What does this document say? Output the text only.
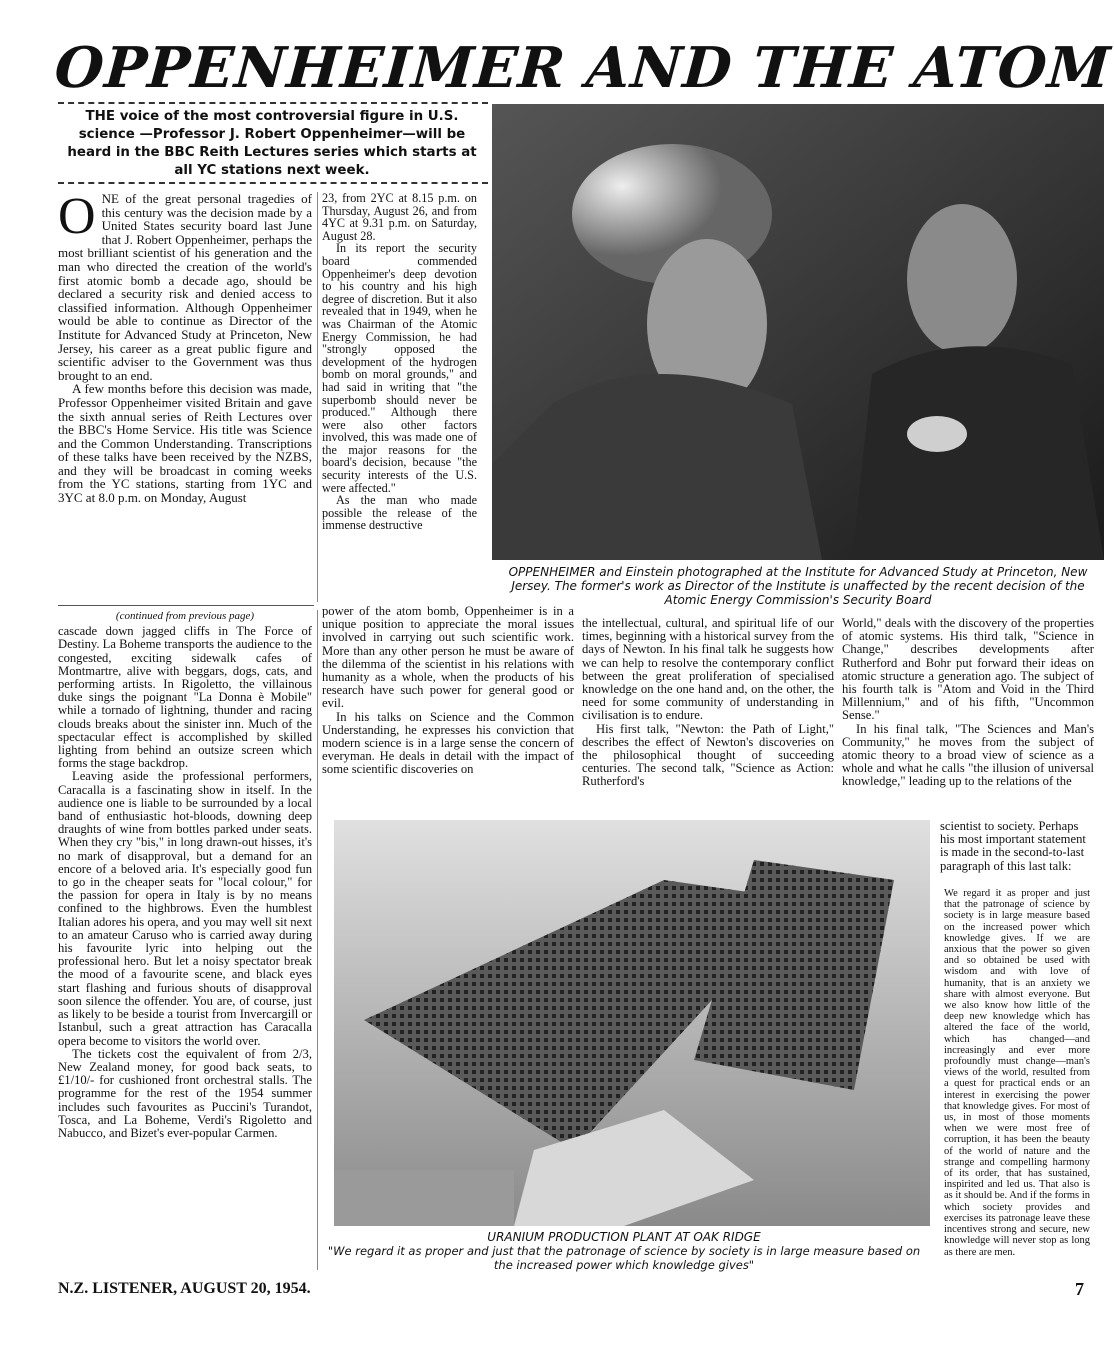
OPPENHEIMER AND THE ATOM
THE voice of the most controversial figure in U.S. science —Professor J. Robert Oppenheimer—will be heard in the BBC Reith Lectures series which starts at all YC stations next week.
O NE of the great personal tragedies of this century was the decision made by a United States security board last June that J. Robert Oppenheimer, perhaps the most brilliant scientist of his generation and the man who directed the creation of the world's first atomic bomb a decade ago, should be declared a security risk and denied access to classified information. Although Oppenheimer would be able to continue as Director of the Institute for Advanced Study at Princeton, New Jersey, his career as a great public figure and scientific adviser to the Government was thus brought to an end.

A few months before this decision was made, Professor Oppenheimer visited Britain and gave the sixth annual series of Reith Lectures over the BBC's Home Service. His title was Science and the Common Understanding. Transcriptions of these talks have been received by the NZBS, and they will be broadcast in coming weeks from the YC stations, starting from 1YC and 3YC at 8.0 p.m. on Monday, August

23, from 2YC at 8.15 p.m. on Thursday, August 26, and from 4YC at 9.31 p.m. on Saturday, August 28.

In its report the security board commended Oppenheimer's deep devotion to his country and his high degree of discretion. But it also revealed that in 1949, when he was Chairman of the Atomic Energy Commission, he had "strongly opposed the development of the hydrogen bomb on moral grounds," and had said in writing that "the superbomb should never be produced." Although there were also other factors involved, this was made one of the major reasons for the board's decision, because "the security interests of the U.S. were affected."

As the man who made possible the release of the immense destructive

OPPENHEIMER and Einstein photographed at the Institute for Advanced Study at Princeton, New Jersey. The former's work as Director of the Institute is unaffected by the recent decision of the Atomic Energy Commission's Security Board
(continued from previous page)

cascade down jagged cliffs in The Force of Destiny. La Boheme transports the audience to the congested, exciting sidewalk cafes of Montmartre, alive with beggars, dogs, cats, and performing artists. In Rigoletto, the villainous duke sings the poignant "La Donna è Mobile" while a tornado of lightning, thunder and racing clouds breaks about the sinister inn. Much of the spectacular effect is accomplished by skilled lighting from behind an outsize screen which forms the stage backdrop.

Leaving aside the professional performers, Caracalla is a fascinating show in itself. In the audience one is liable to be surrounded by a local band of enthusiastic hot-bloods, downing deep draughts of wine from bottles parked under seats. When they cry "bis," in long drawn-out hisses, it's no mark of disapproval, but a demand for an encore of a beloved aria. It's especially good fun to go in the cheaper seats for "local colour," for the passion for opera in Italy is by no means confined to the highbrows. Even the humblest Italian adores his opera, and you may well sit next to an amateur Caruso who is carried away during his favourite lyric into helping out the professional hero. But let a noisy spectator break the mood of a favourite scene, and black eyes start flashing and furious shouts of disapproval soon silence the offender. You are, of course, just as likely to be beside a tourist from Invercargill or Istanbul, such a great attraction has Caracalla opera become to visitors the world over.

The tickets cost the equivalent of from 2/3, New Zealand money, for good back seats, to £1/10/- for cushioned front orchestral stalls. The programme for the rest of the 1954 summer includes such favourites as Puccini's Turandot, Tosca, and La Boheme, Verdi's Rigoletto and Nabucco, and Bizet's ever-popular Carmen.

power of the atom bomb, Oppenheimer is in a unique position to appreciate the moral issues involved in carrying out such scientific work. More than any other person he must be aware of the dilemma of the scientist in his relations with humanity as a whole, when the products of his research have such power for general good or evil.

In his talks on Science and the Common Understanding, he expresses his conviction that modern science is in a large sense the concern of everyman. He deals in detail with the impact of some scientific discoveries on

the intellectual, cultural, and spiritual life of our times, beginning with a historical survey from the days of Newton. In his final talk he suggests how we can help to resolve the contemporary conflict between the great proliferation of specialised knowledge on the one hand and, on the other, the need for some community of understanding in civilisation is to endure.

His first talk, "Newton: the Path of Light," describes the effect of Newton's discoveries on the philosophical thought of succeeding centuries. The second talk, "Science as Action: Rutherford's

World," deals with the discovery of the properties of atomic systems. His third talk, "Science in Change," describes developments after Rutherford and Bohr put forward their ideas on atomic structure a generation ago. The subject of his fourth talk is "Atom and Void in the Third Millennium," and of his fifth, "Uncommon Sense."

In his final talk, "The Sciences and Man's Community," he moves from the subject of atomic theory to a broad view of science as a whole and what he calls "the illusion of universal knowledge," leading up to the relations of the

URANIUM PRODUCTION PLANT AT OAK RIDGE
"We regard it as proper and just that the patronage of science by society is in large measure based on the increased power which knowledge gives"

scientist to society. Perhaps his most important statement is made in the second-to-last paragraph of this last talk:

We regard it as proper and just that the patronage of science by society is in large measure based on the increased power which knowledge gives. If we are anxious that the power so given and so obtained be used with wisdom and with love of humanity, that is an anxiety we share with almost everyone. But we also know how little of the deep new knowledge which has altered the face of the world, which has changed—and increasingly and ever more profoundly must change—man's views of the world, resulted from a quest for practical ends or an interest in exercising the power that knowledge gives. For most of us, in most of those moments when we were most free of corruption, it has been the beauty of the world of nature and the strange and compelling harmony of its order, that has sustained, inspirited and led us. That also is as it should be. And if the forms in which society provides and exercises its patronage leave these incentives strong and secure, new knowledge will never stop as long as there are men.
N.Z. LISTENER, AUGUST 20, 1954.	7
